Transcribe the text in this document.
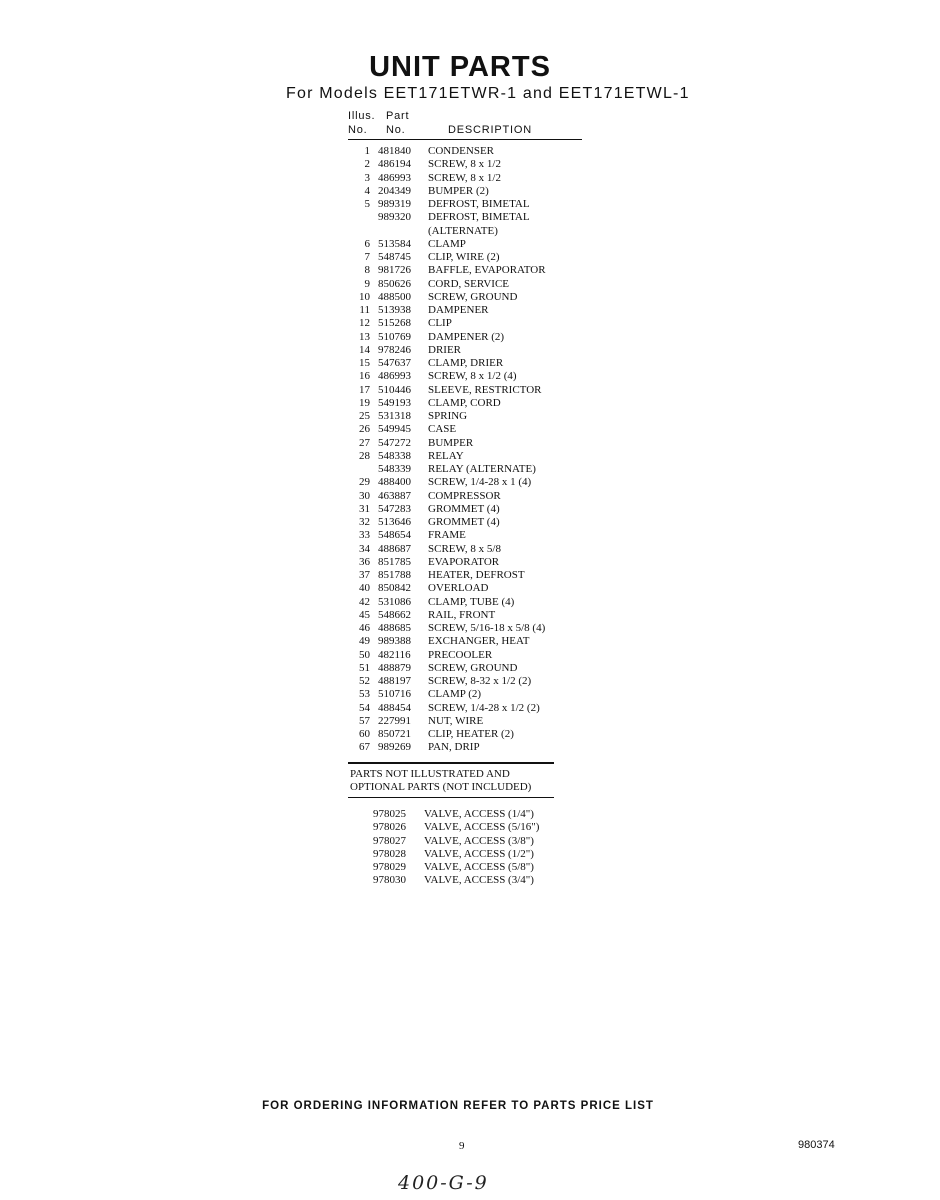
UNIT PARTS
For Models EET171ETWR-1 and EET171ETWL-1
Illus. Part
No. No.	DESCRIPTION
1 481840 CONDENSER
2 486194 SCREW, 8 x 1/2
3 486993 SCREW, 8 x 1/2
4 204349 BUMPER (2)
5 989319 DEFROST, BIMETAL
989320 DEFROST, BIMETAL
(ALTERNATE)
6 513584 CLAMP
7 548745 CLIP, WIRE (2)
8 981726 BAFFLE, EVAPORATOR
9 850626 CORD, SERVICE
10 488500 SCREW, GROUND
11 513938 DAMPENER
12 515268 CLIP
13 510769 DAMPENER (2)
14 978246 DRIER
15 547637 CLAMP, DRIER
16 486993 SCREW, 8 x 1/2 (4)
17 510446 SLEEVE, RESTRICTOR
19 549193 CLAMP, CORD
25 531318 SPRING
26 549945 CASE
27 547272 BUMPER
28 548338 RELAY
548339 RELAY (ALTERNATE)
29 488400 SCREW, 1/4-28 x 1 (4)
30 463887 COMPRESSOR
31 547283 GROMMET (4)
32 513646 GROMMET (4)
33 548654 FRAME
34 488687 SCREW, 8 x 5/8
36 851785 EVAPORATOR
37 851788 HEATER, DEFROST
40 850842 OVERLOAD
42 531086 CLAMP, TUBE (4)
45 548662 RAIL, FRONT
46 488685 SCREW, 5/16-18 x 5/8 (4)
49 989388 EXCHANGER, HEAT
50 482116 PRECOOLER
51 488879 SCREW, GROUND
52 488197 SCREW, 8-32 x 1/2 (2)
53 510716 CLAMP (2)
54 488454 SCREW, 1/4-28 x 1/2 (2)
57 227991 NUT, WIRE
60 850721 CLIP, HEATER (2)
67 989269 PAN, DRIP
PARTS NOT ILLUSTRATED AND
OPTIONAL PARTS (NOT INCLUDED)
978025 VALVE, ACCESS (1/4")
978026 VALVE, ACCESS (5/16")
978027 VALVE, ACCESS (3/8")
978028 VALVE, ACCESS (1/2")
978029 VALVE, ACCESS (5/8")
978030 VALVE, ACCESS (3/4")
FOR ORDERING INFORMATION REFER TO PARTS PRICE LIST
9	980374
400-G-9
